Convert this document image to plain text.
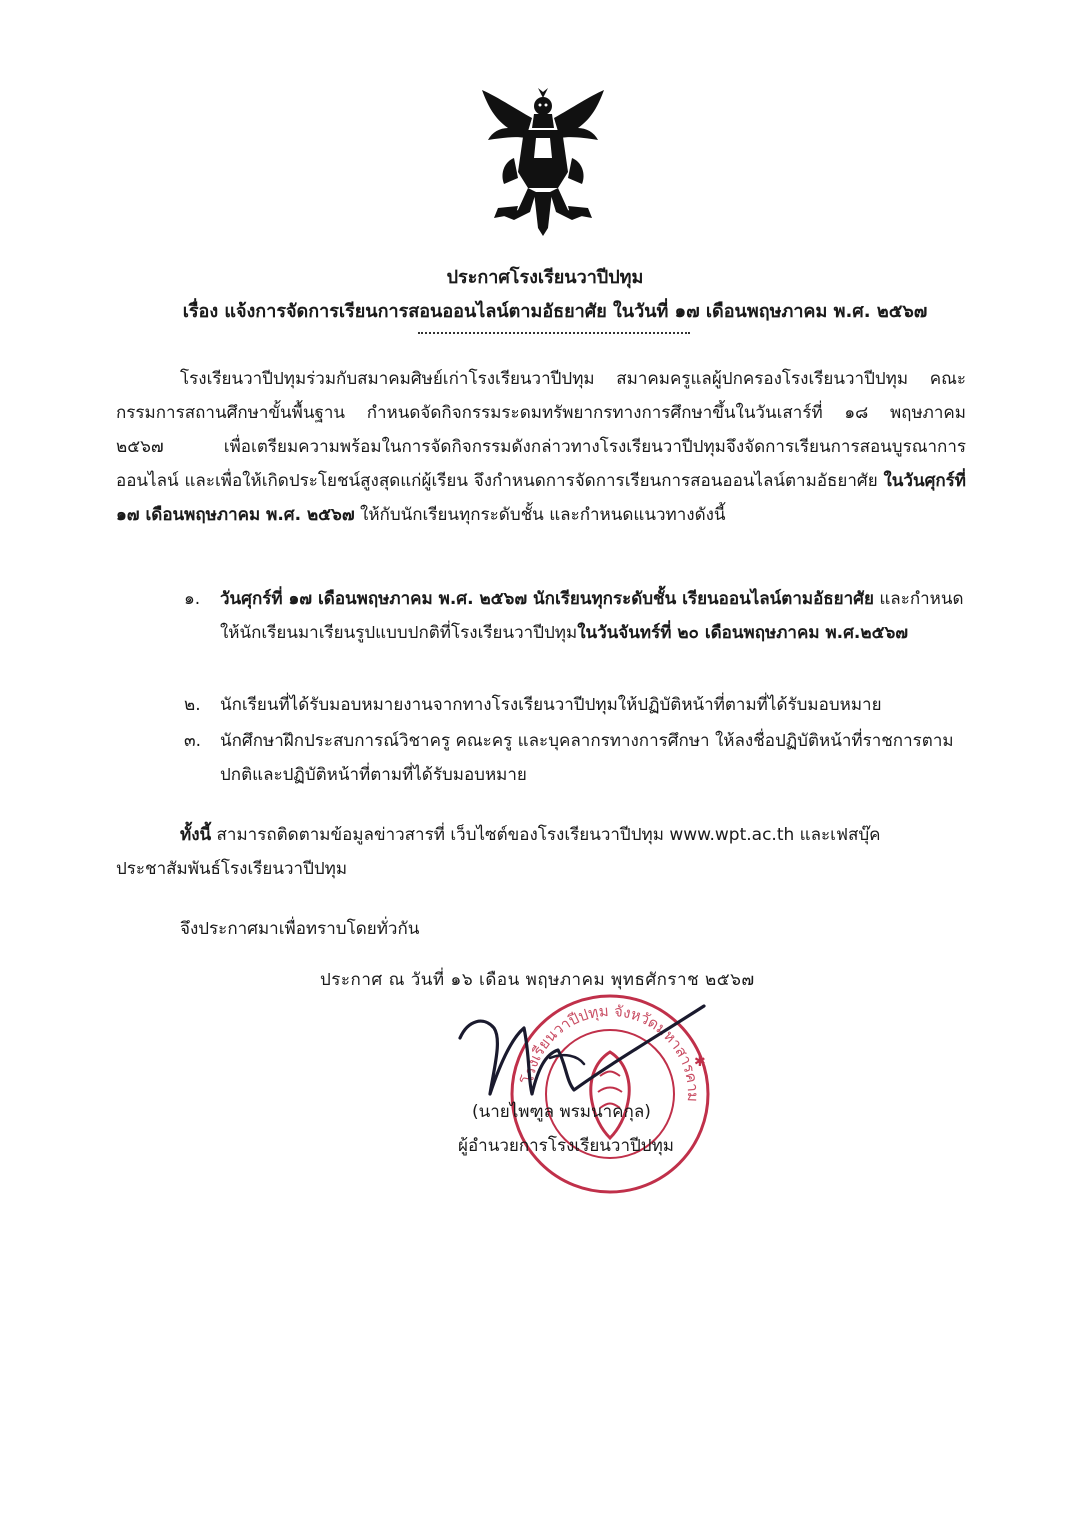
ประกาศโรงเรียนวาปีปทุม
เรื่อง แจ้งการจัดการเรียนการสอนออนไลน์ตามอัธยาศัย ในวันที่ ๑๗ เดือนพฤษภาคม พ.ศ. ๒๕๖๗
โรงเรียนวาปีปทุมร่วมกับสมาคมศิษย์เก่าโรงเรียนวาปีปทุม สมาคมครูแลผู้ปกครองโรงเรียนวาปีปทุม คณะกรรมการสถานศึกษาขั้นพื้นฐาน กำหนดจัดกิจกรรมระดมทรัพยากรทางการศึกษาขึ้นในวันเสาร์ที่ ๑๘ พฤษภาคม ๒๕๖๗ เพื่อเตรียมความพร้อมในการจัดกิจกรรมดังกล่าวทางโรงเรียนวาปีปทุมจึงจัดการเรียนการสอนบูรณาการออนไลน์ และเพื่อให้เกิดประโยชน์สูงสุดแก่ผู้เรียน จึงกำหนดการจัดการเรียนการสอนออนไลน์ตามอัธยาศัย ในวันศุกร์ที่ ๑๗ เดือนพฤษภาคม พ.ศ. ๒๕๖๗ ให้กับนักเรียนทุกระดับชั้น และกำหนดแนวทางดังนี้
๑.	วันศุกร์ที่ ๑๗ เดือนพฤษภาคม พ.ศ. ๒๕๖๗ นักเรียนทุกระดับชั้น เรียนออนไลน์ตามอัธยาศัย และกำหนดให้นักเรียนมาเรียนรูปแบบปกติที่โรงเรียนวาปีปทุมในวันจันทร์ที่ ๒๐ เดือนพฤษภาคม พ.ศ.๒๕๖๗
๒.	นักเรียนที่ได้รับมอบหมายงานจากทางโรงเรียนวาปีปทุมให้ปฏิบัติหน้าที่ตามที่ได้รับมอบหมาย
๓.	นักศึกษาฝึกประสบการณ์วิชาครู คณะครู และบุคลากรทางการศึกษา ให้ลงชื่อปฏิบัติหน้าที่ราชการตามปกติและปฏิบัติหน้าที่ตามที่ได้รับมอบหมาย
ทั้งนี้ สามารถติดตามข้อมูลข่าวสารที่ เว็บไซต์ของโรงเรียนวาปีปทุม www.wpt.ac.th และเฟสบุ๊คประชาสัมพันธ์โรงเรียนวาปีปทุม
จึงประกาศมาเพื่อทราบโดยทั่วกัน
ประกาศ ณ วันที่ ๑๖ เดือน พฤษภาคม พุทธศักราช ๒๕๖๗
โรงเรียนวาปีปทุม จังหวัดมหาสารคาม
✱
(นายไพฑูล พรมนาคกุล)
ผู้อำนวยการโรงเรียนวาปีปทุม
